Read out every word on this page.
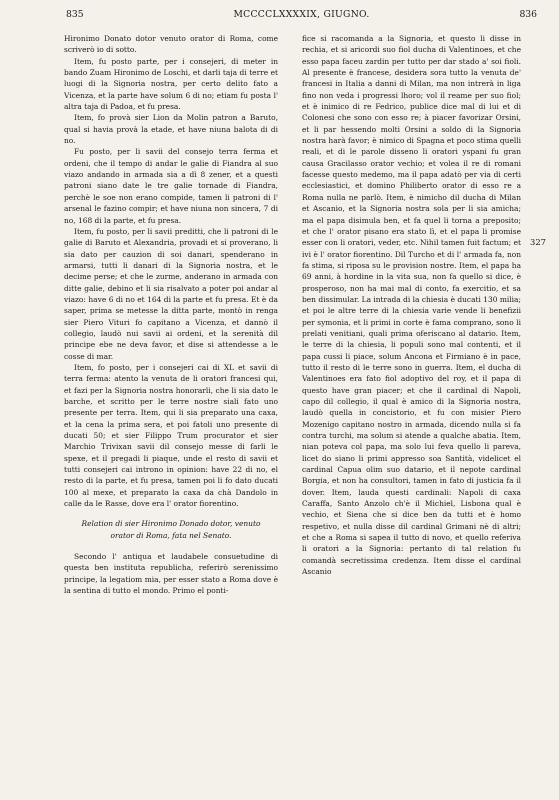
835	MCCCCLXXXXIX, GIUGNO.	836
327

Hironimo Donato dotor venuto orator di Roma, come scriverò io di sotto.

Item, fu posto parte, per i consejeri, di meter in bando Zuam Hironimo de Loschi, et darli taja di terre et luogi di la Signoria nostra, per certo delito fato a Vicenza, et la parte have solum 6 di no; etiam fu posta l' altra taja di Padoa, et fu presa.

Item, fo provà sier Lion da Molin patron a Baruto, qual si havia provà la etade, et have niuna balota di di no.

Fu posto, per li savii del consejo terra ferma et ordeni, che il tempo di andar le galie di Fiandra al suo viazo andando in armada sia a dì 8 zener, et a questi patroni siano date le tre galie tornade di Fiandra, perchè le soe non erano compide, tamen li patroni di l' arsenal le fazino compir; et have niuna non sincera, 7 di no, 168 di la parte, et fu presa.

Item, fu posto, per li savii preditti, che li patroni di le galie di Baruto et Alexandria, provadi et si proverano, li sia dato per cauzion di soi danari, spenderano in armarsi, tutti li danari di la Signoria nostra, et le decime perse; et che le zurme, anderano in armada con ditte galie, debino et li sia risalvato a poter poi andar al viazo: have 6 di no et 164 di la parte et fu presa. Et è da saper, prima se metesse la ditta parte, montò in renga sier Piero Vituri fo capitano a Vicenza, et dannò il collegio, laudò nui savii ai ordeni, et la serenità dil principe ebe ne deva favor, et dise si attendesse a le cosse di mar.

Item, fo posto, per i consejeri cai di XL et savii di terra ferma: atento la venuta de li oratori francesi qui, et fazi per la Signoria nostra honorarli, che li sia dato le barche, et scritto per le terre nostre siali fato uno presente per terra. Item, qui li sia preparato una caxa, et la cena la prima sera, et poi fatoli uno presente di ducati 50; et sier Filippo Trum procurator et sier Marchio Trivixan savii dil consejo messe di farli le spexe, et il pregadi li piaque, unde el resto di savii et tutti consejeri cai introno in opinion: have 22 di no, el resto di la parte, et fu presa, tamen poi li fo dato ducati 100 al mexe, et preparato la caxa da chà Dandolo in calle da le Rasse, dove era l' orator fiorentino.

Relation di sier Hironimo Donado dotor, venuto orator di Roma, fata nel Senato.

Secondo l' antiqua et laudabele consuetudine di questa ben instituta republicha, referirò serenissimo principe, la legatiom mia, per esser stato a Roma dove è la sentina di tutto el mondo. Primo el ponti-

fice si racomanda a la Signoria, et questo li disse in rechia, et si aricordi suo fiol ducha di Valentinoes, et che esso papa faceu zardin per tutto per dar stado a' soi fioli. Al presente è francese, desidera sora tutto la venuta de' francesi in Italia a danni di Milan, ma non intrerà in liga fino non veda i progressi lhoro; vol il reame per suo fiol; et è inimico di re Fedrico, publice dice mal di lui et di Colonesi che sono con esso re; à piacer favorizar Orsini, et li par hessendo molti Orsini a soldo di la Signoria nostra harà favor; è nimico di Spagna et poco stima quelli reali, et di le parole disseno li oratori yspani fu gran causa Gracilasso orator vechio; et volea il re di romani facesse questo medemo, ma il papa adatò per via di certi ecclesiastici, et domino Philiberto orator di esso re a Roma nulla ne parlò. Item, è nimicho dil ducha di Milan et Ascanio, et la Signoria nostra sola per li sia amicha; ma el papa disimula ben, et fa quel li torna a preposito; et che l' orator pisano era stato lì, et el papa li promise esser con li oratori, veder, etc. Nihil tamen fuit factum; et ivi è l' orator fiorentino. Dil Turcho et di l' armada fa, non fa stima, si riposa su le provision nostre. Item, el papa ha 69 anni, à hordine in la vita sua, non fa quello si dice, è prosperoso, non ha mai mal di conto, fa exercitio, et sa ben dissimular. La intrada di la chiesia è ducati 130 milia; et poi le altre terre di la chiesia varie vende li benefizii per symonia, et li primi in corte è fama comprano, sono li prelati venitiani, quali prima oferiscano al datario. Item, le terre di la chiesia, li populi sono mal contenti, et il papa cussi li piace, solum Ancona et Firmiano è in pace, tutto il resto di le terre sono in guerra. Item, el ducha di Valentinoes era fato fiol adoptivo del roy, et il papa di questo have gran piacer; et che il cardinal di Napoli, capo dil collegio, il qual è amico di la Signoria nostra, laudò quella in concistorio, et fu con misier Piero Mozenigo capitano nostro in armada, dicendo nulla si fa contra turchi, ma solum si atende a qualche abatia. Item, nian poteva col papa, ma solo lui feva quello li pareva, licet do siano li primi appresso soa Santità, videlicet el cardinal Capua olim suo datario, et il nepote cardinal Borgia, et non ha consultori, tamen in fato di justicia fa il dover. Item, lauda questi cardinali: Napoli di caxa Caraffa, Santo Anzolo ch'è il Michiel, Lisbona qual è vechio, et Siena che si dice ben da tutti et è homo respetivo, et nulla disse dil cardinal Grimani nè di altri; et che a Roma si sapea il tutto di novo, et quello referiva li oratori a la Signoria: pertanto di tal relation fu comandà secretissima credenza. Item disse el cardinal Ascanio
